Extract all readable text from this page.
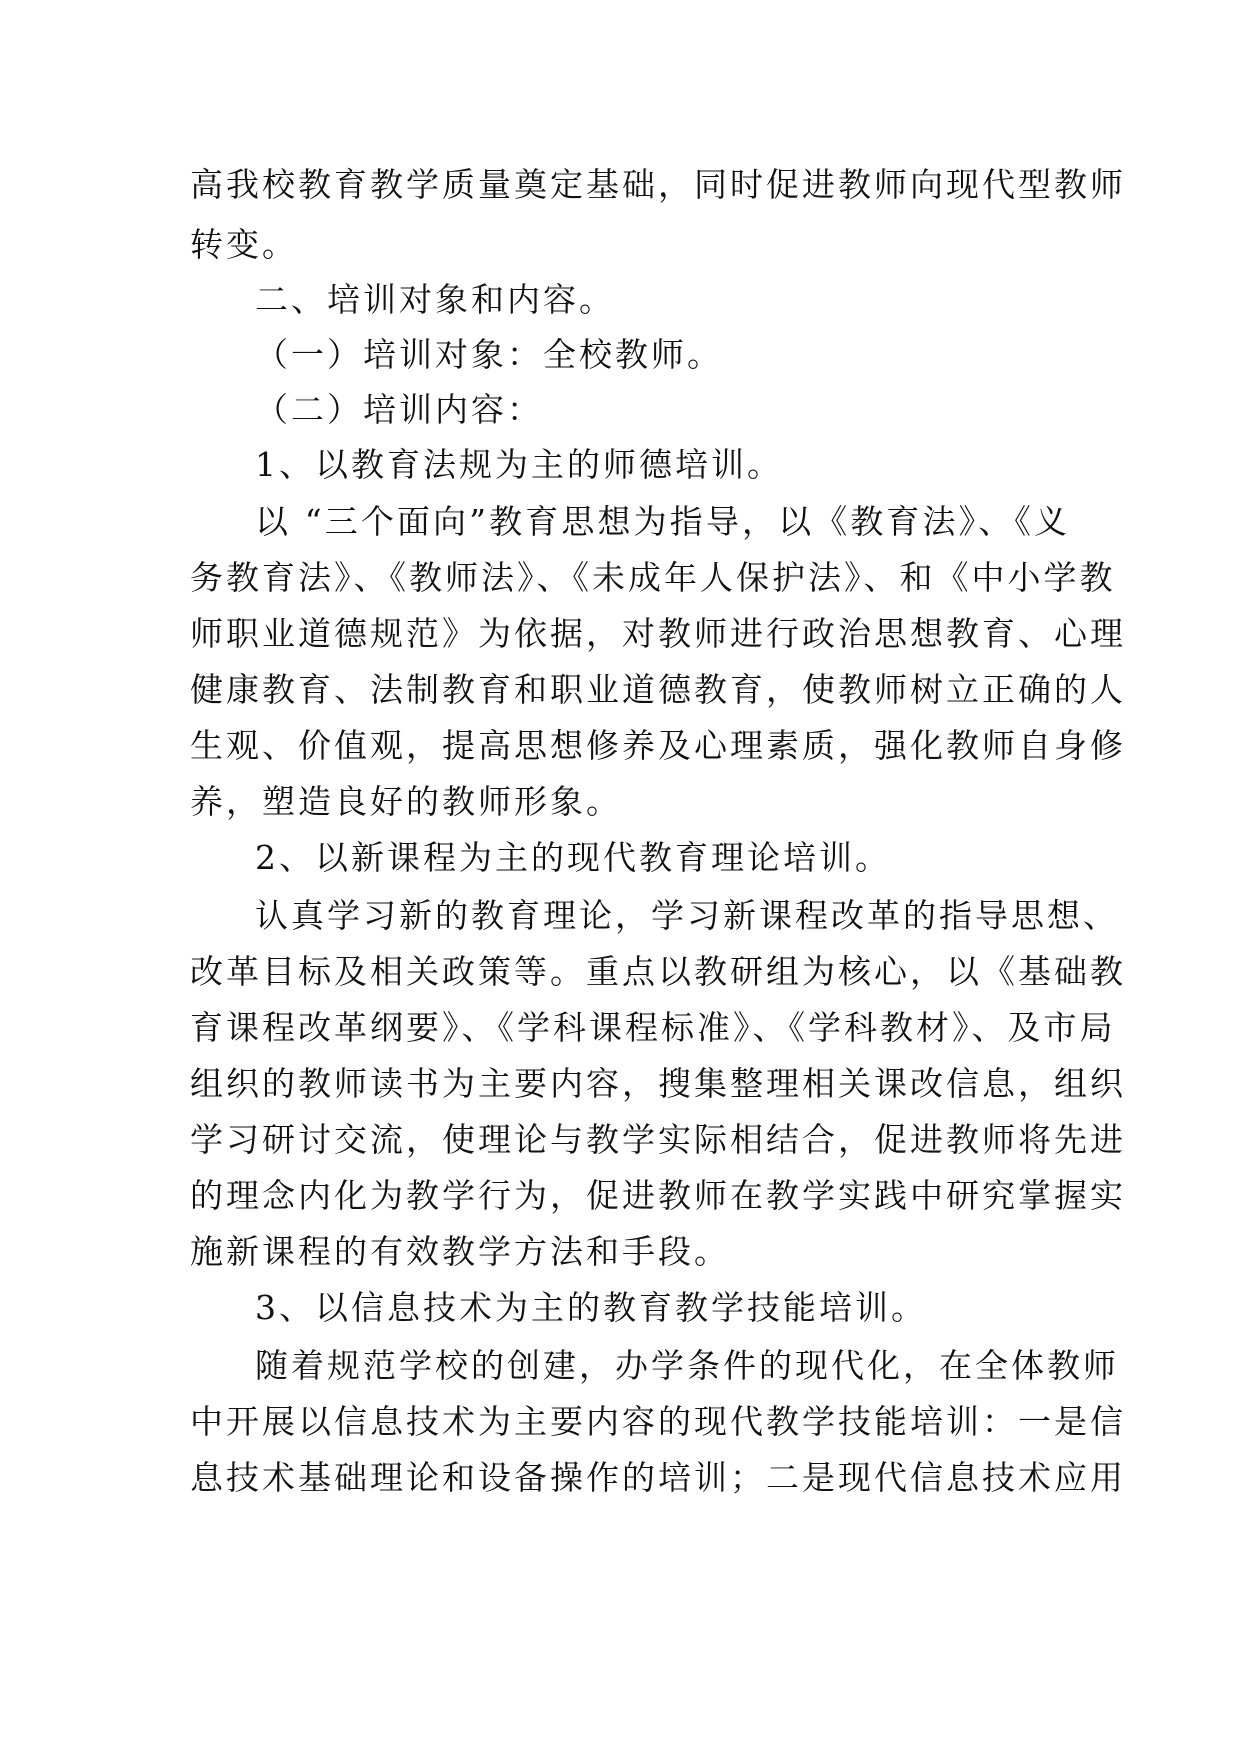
高我校教育教学质量奠定基础，同时促进教师向现代型教师
转变。
二、培训对象和内容。
（一）培训对象：全校教师。
（二）培训内容：
1、以教育法规为主的师德培训。
以 “三个面向”教育思想为指导，以《教育法》、《义
务教育法》、《教师法》、《未成年人保护法》、和《中小学教
师职业道德规范》为依据，对教师进行政治思想教育、心理
健康教育、法制教育和职业道德教育，使教师树立正确的人
生观、价值观，提高思想修养及心理素质，强化教师自身修
养，塑造良好的教师形象。
2、以新课程为主的现代教育理论培训。
认真学习新的教育理论，学习新课程改革的指导思想、
改革目标及相关政策等。重点以教研组为核心，以《基础教
育课程改革纲要》、《学科课程标准》、《学科教材》、及市局
组织的教师读书为主要内容，搜集整理相关课改信息，组织
学习研讨交流，使理论与教学实际相结合，促进教师将先进
的理念内化为教学行为，促进教师在教学实践中研究掌握实
施新课程的有效教学方法和手段。
3、以信息技术为主的教育教学技能培训。
随着规范学校的创建，办学条件的现代化，在全体教师
中开展以信息技术为主要内容的现代教学技能培训：一是信
息技术基础理论和设备操作的培训；二是现代信息技术应用
